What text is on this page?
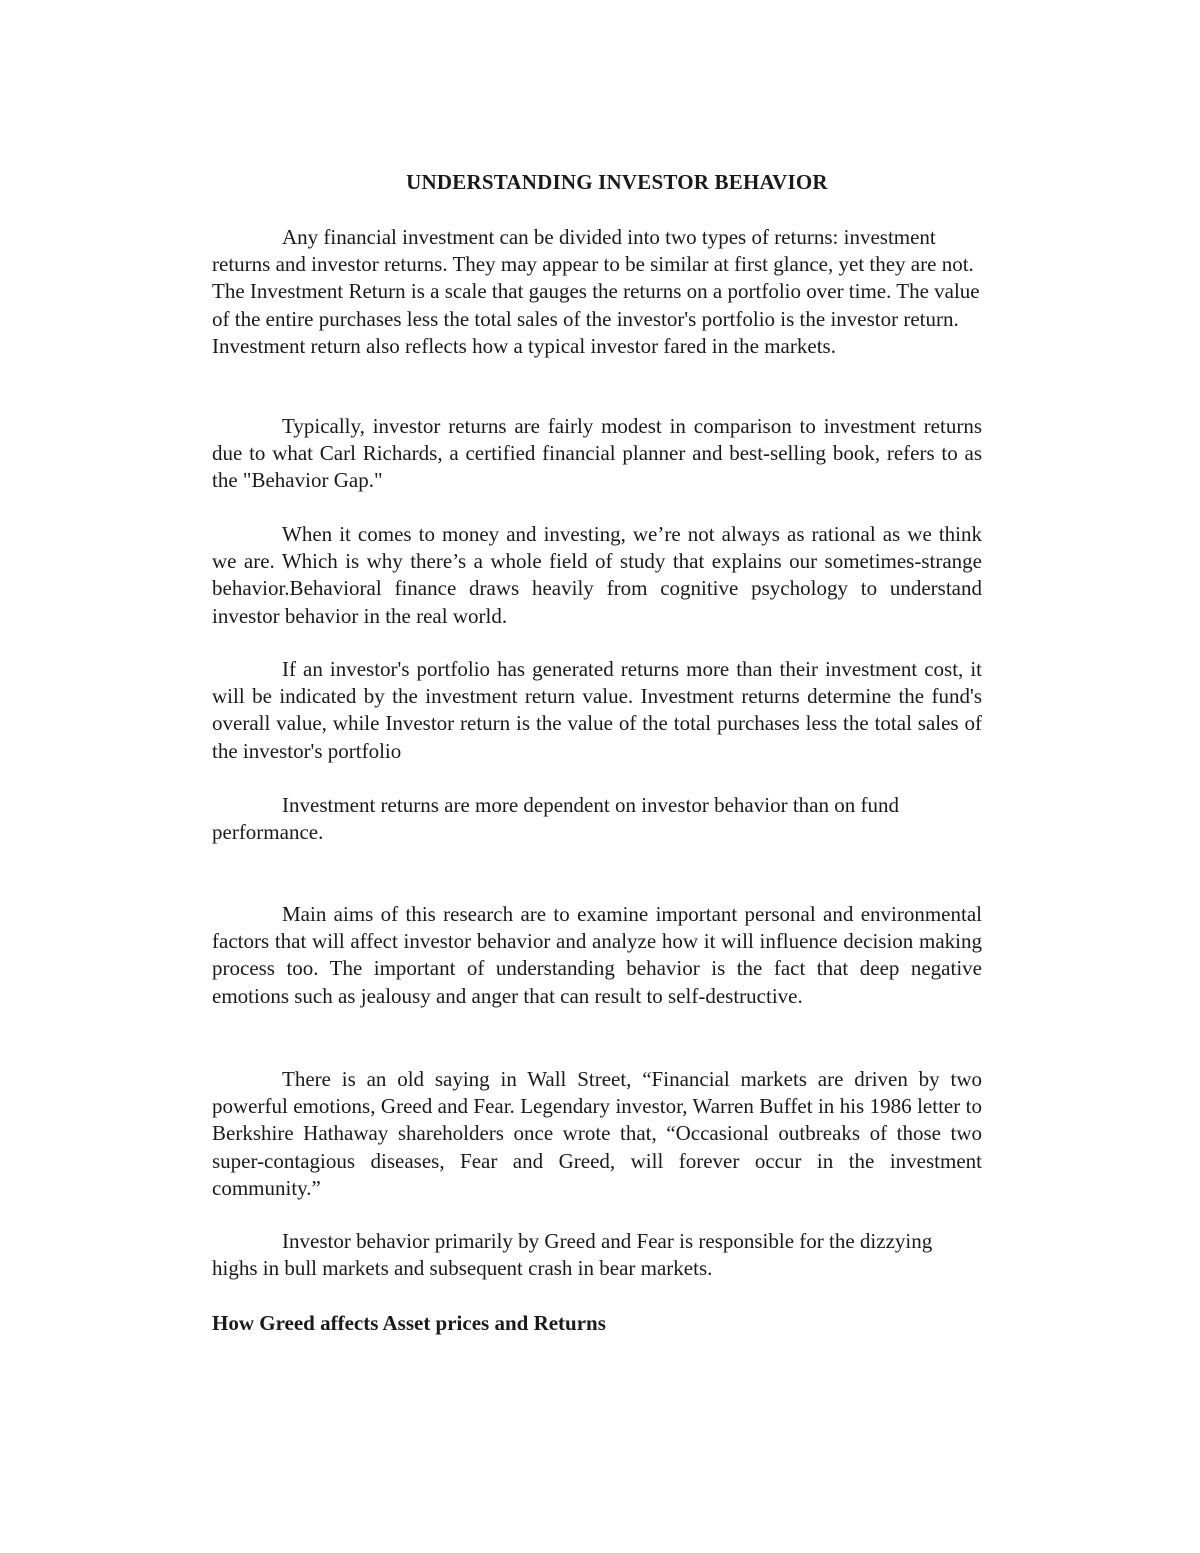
UNDERSTANDING INVESTOR BEHAVIOR

Any financial investment can be divided into two types of returns: investment returns and investor returns. They may appear to be similar at first glance, yet they are not. The Investment Return is a scale that gauges the returns on a portfolio over time. The value of the entire purchases less the total sales of the investor's portfolio is the investor return. Investment return also reflects how a typical investor fared in the markets.

Typically, investor returns are fairly modest in comparison to investment returns due to what Carl Richards, a certified financial planner and best-selling book, refers to as the "Behavior Gap."

When it comes to money and investing, we’re not always as rational as we think we are. Which is why there’s a whole field of study that explains our sometimes-strange behavior.Behavioral finance draws heavily from cognitive psychology to understand investor behavior in the real world.

If an investor's portfolio has generated returns more than their investment cost, it will be indicated by the investment return value. Investment returns determine the fund's overall value, while Investor return is the value of the total purchases less the total sales of the investor's portfolio

Investment returns are more dependent on investor behavior than on fund performance.

Main aims of this research are to examine important personal and environmental factors that will affect investor behavior and analyze how it will influence decision making process too. The important of understanding behavior is the fact that deep negative emotions such as jealousy and anger that can result to self-destructive.

There is an old saying in Wall Street, “Financial markets are driven by two powerful emotions, Greed and Fear. Legendary investor, Warren Buffet in his 1986 letter to Berkshire Hathaway shareholders once wrote that, “Occasional outbreaks of those two super-contagious diseases, Fear and Greed, will forever occur in the investment community.”

Investor behavior primarily by Greed and Fear is responsible for the dizzying highs in bull markets and subsequent crash in bear markets.

How Greed affects Asset prices and Returns
